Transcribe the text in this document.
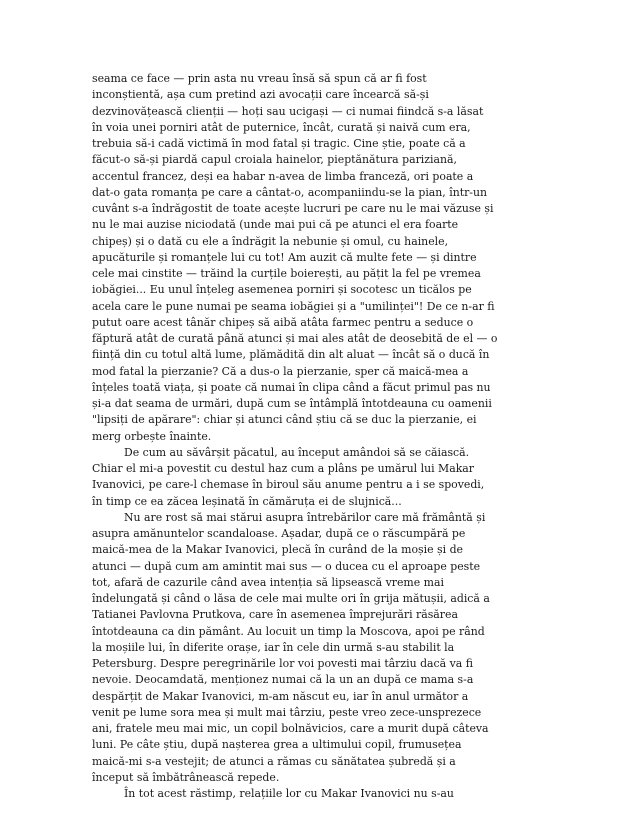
seama ce face — prin asta nu vreau însă să spun că ar fi fost
inconștientă, așa cum pretind azi avocații care încearcă să-și
dezvinovățească clienții — hoți sau ucigași — ci numai fiindcă s-a lăsat
în voia unei porniri atât de puternice, încât, curată și naivă cum era,
trebuia să-i cadă victimă în mod fatal și tragic. Cine știe, poate că a
făcut-o să-și piardă capul croiala hainelor, pieptănătura pariziană,
accentul francez, deși ea habar n-avea de limba franceză, ori poate a
dat-o gata romanța pe care a cântat-o, acompaniindu-se la pian, într-un
cuvânt s-a îndrăgostit de toate acește lucruri pe care nu le mai văzuse și
nu le mai auzise niciodată (unde mai pui că pe atunci el era foarte
chipeș) și o dată cu ele a îndrăgit la nebunie și omul, cu hainele,
apucăturile și romanțele lui cu tot! Am auzit că multe fete — și dintre
cele mai cinstite — trăind la curțile boierești, au pățit la fel pe vremea
iobăgiei... Eu unul înțeleg asemenea porniri și socotesc un ticălos pe
acela care le pune numai pe seama iobăgiei și a "umilinței"! De ce n-ar fi
putut oare acest tânăr chipeș să aibă atâta farmec pentru a seduce o
făptură atât de curată până atunci și mai ales atât de deosebită de el — o
ființă din cu totul altă lume, plămădită din alt aluat — încât să o ducă în
mod fatal la pierzanie? Că a dus-o la pierzanie, sper că maică-mea a
înțeles toată viața, și poate că numai în clipa când a făcut primul pas nu
și-a dat seama de urmări, după cum se întâmplă întotdeauna cu oamenii
"lipsiți de apărare": chiar și atunci când știu că se duc la pierzanie, ei
merg orbește înainte.
De cum au săvârșit păcatul, au început amândoi să se căiască.
Chiar el mi-a povestit cu destul haz cum a plâns pe umărul lui Makar
Ivanovici, pe care-l chemase în biroul său anume pentru a i se spovedi,
în timp ce ea zăcea leșinată în cămăruța ei de slujnică...
Nu are rost să mai stărui asupra întrebărilor care mă frământă și
asupra amănuntelor scandaloase. Așadar, după ce o răscumpără pe
maică-mea de la Makar Ivanovici, plecă în curând de la moșie și de
atunci — după cum am amintit mai sus — o ducea cu el aproape peste
tot, afară de cazurile când avea intenția să lipsească vreme mai
îndelungată și când o lăsa de cele mai multe ori în grija mătușii, adică a
Tatianei Pavlovna Prutkova, care în asemenea împrejurări răsărea
întotdeauna ca din pământ. Au locuit un timp la Moscova, apoi pe rând
la moșiile lui, în diferite orașe, iar în cele din urmă s-au stabilit la
Petersburg. Despre peregrinările lor voi povesti mai târziu dacă va fi
nevoie. Deocamdată, menționez numai că la un an după ce mama s-a
despărțit de Makar Ivanovici, m-am născut eu, iar în anul următor a
venit pe lume sora mea și mult mai târziu, peste vreo zece-unsprezece
ani, fratele meu mai mic, un copil bolnăvicios, care a murit după câteva
luni. Pe câte știu, după nașterea grea a ultimului copil, frumusețea
maică-mi s-a vestejit; de atunci a rămas cu sănătatea șubredă și a
început să îmbătrânească repede.
În tot acest răstimp, relațiile lor cu Makar Ivanovici nu s-au
